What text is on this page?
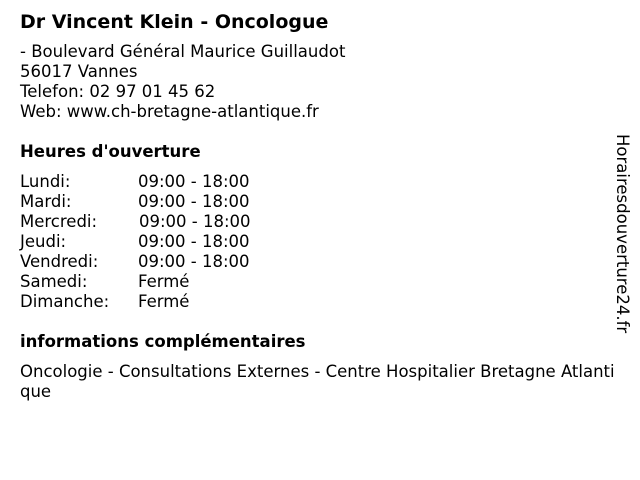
Dr Vincent Klein - Oncologue
- Boulevard Général Maurice Guillaudot
56017 Vannes
Telefon: 02 97 01 45 62
Web: www.ch-bretagne-atlantique.fr
Heures d'ouverture
Lundi:	09:00 - 18:00
Mardi:	09:00 - 18:00
Mercredi:	09:00 - 18:00
Jeudi:	09:00 - 18:00
Vendredi:	09:00 - 18:00
Samedi:	Fermé
Dimanche:	Fermé
informations complémentaires
Oncologie - Consultations Externes - Centre Hospitalier Bretagne Atlantique
Horairesdouverture24.fr
